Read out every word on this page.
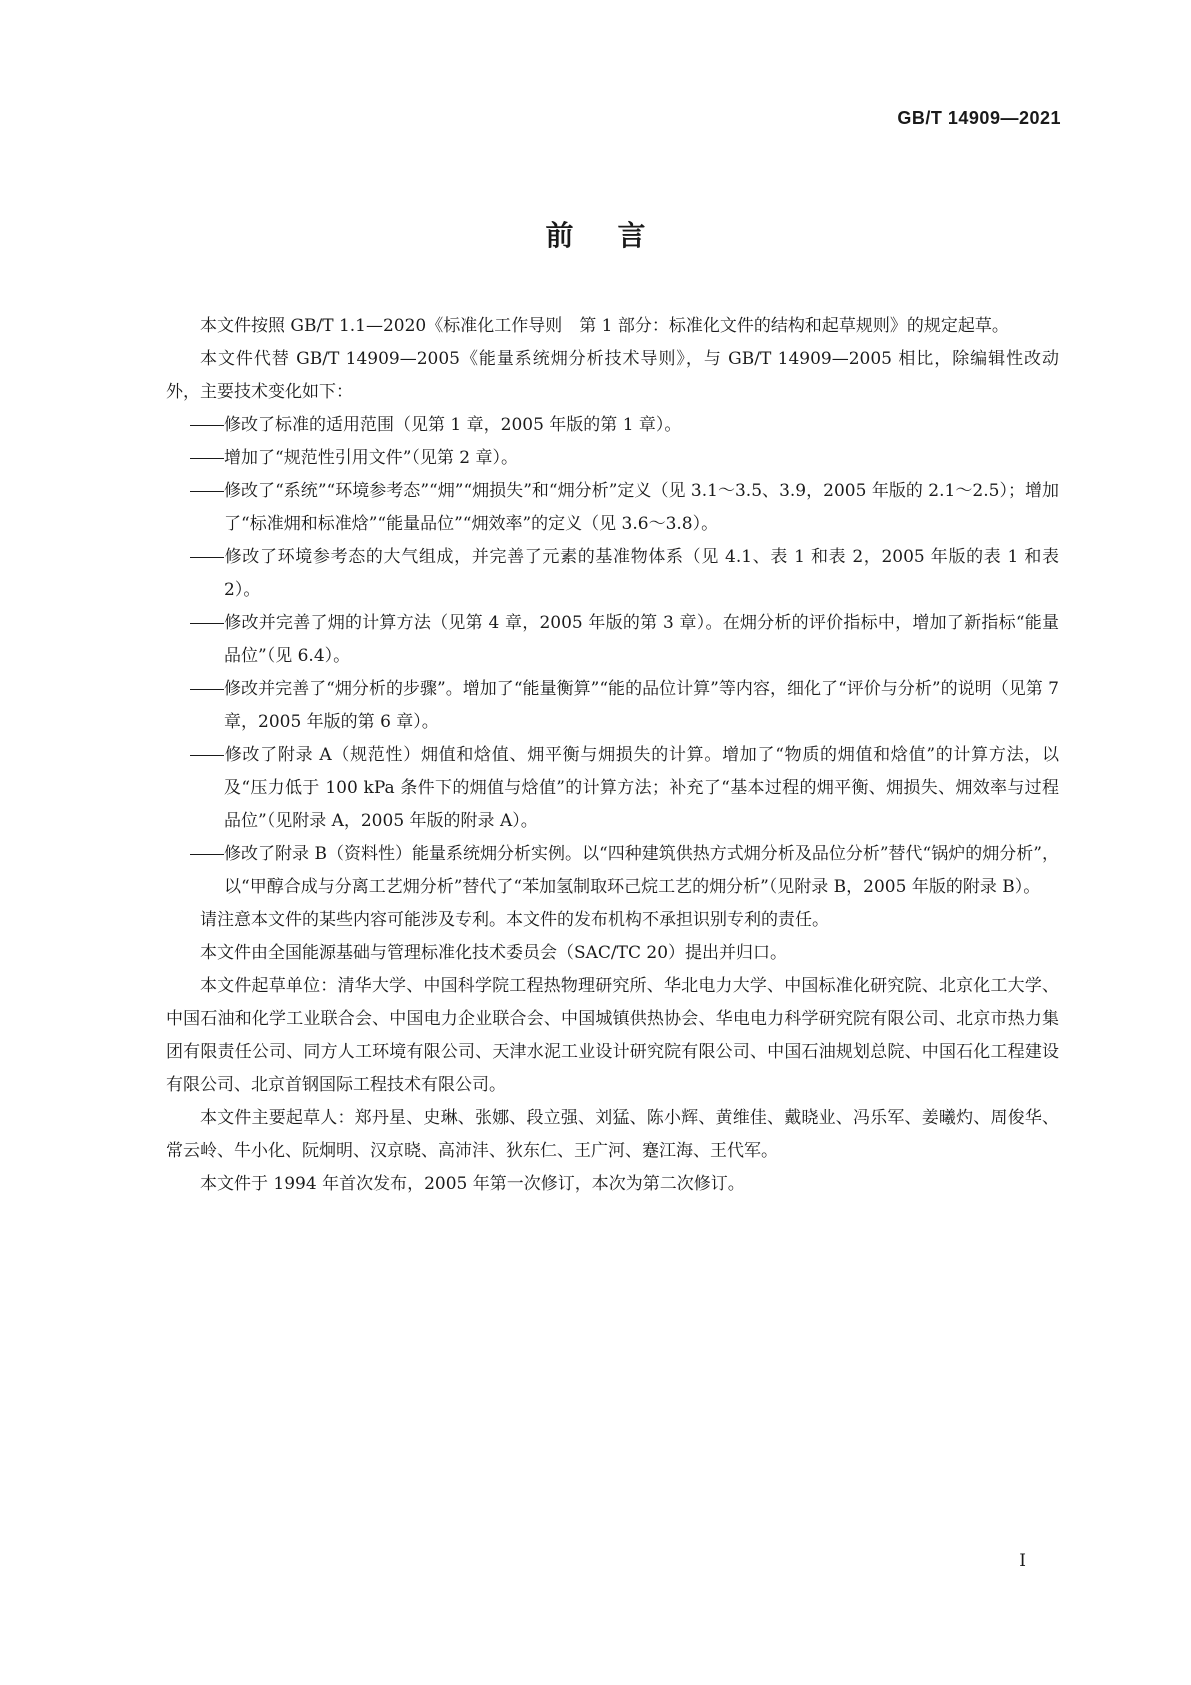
GB/T 14909—2021
前言

本文件按照 GB/T 1.1—2020《标准化工作导则　第 1 部分：标准化文件的结构和起草规则》的规定起草。

本文件代替 GB/T 14909—2005《能量系统㶲分析技术导则》，与 GB/T 14909—2005 相比，除编辑性改动外，主要技术变化如下：

修改了标准的适用范围（见第 1 章，2005 年版的第 1 章）。

增加了“规范性引用文件”（见第 2 章）。

修改了“系统”“环境参考态”“㶲”“㶲损失”和“㶲分析”定义（见 3.1～3.5、3.9，2005 年版的 2.1～2.5）；增加了“标准㶲和标准焓”“能量品位”“㶲效率”的定义（见 3.6～3.8）。

修改了环境参考态的大气组成，并完善了元素的基准物体系（见 4.1、表 1 和表 2，2005 年版的表 1 和表 2）。

修改并完善了㶲的计算方法（见第 4 章，2005 年版的第 3 章）。在㶲分析的评价指标中，增加了新指标“能量品位”（见 6.4）。

修改并完善了“㶲分析的步骤”。增加了“能量衡算”“能的品位计算”等内容，细化了“评价与分析”的说明（见第 7 章，2005 年版的第 6 章）。

修改了附录 A（规范性）㶲值和焓值、㶲平衡与㶲损失的计算。增加了“物质的㶲值和焓值”的计算方法，以及“压力低于 100 kPa 条件下的㶲值与焓值”的计算方法；补充了“基本过程的㶲平衡、㶲损失、㶲效率与过程品位”（见附录 A，2005 年版的附录 A）。

修改了附录 B（资料性）能量系统㶲分析实例。以“四种建筑供热方式㶲分析及品位分析”替代“锅炉的㶲分析”，以“甲醇合成与分离工艺㶲分析”替代了“苯加氢制取环己烷工艺的㶲分析”（见附录 B，2005 年版的附录 B）。

请注意本文件的某些内容可能涉及专利。本文件的发布机构不承担识别专利的责任。

本文件由全国能源基础与管理标准化技术委员会（SAC/TC 20）提出并归口。

本文件起草单位：清华大学、中国科学院工程热物理研究所、华北电力大学、中国标准化研究院、北京化工大学、中国石油和化学工业联合会、中国电力企业联合会、中国城镇供热协会、华电电力科学研究院有限公司、北京市热力集团有限责任公司、同方人工环境有限公司、天津水泥工业设计研究院有限公司、中国石油规划总院、中国石化工程建设有限公司、北京首钢国际工程技术有限公司。

本文件主要起草人：郑丹星、史琳、张娜、段立强、刘猛、陈小辉、黄维佳、戴晓业、冯乐军、姜曦灼、周俊华、常云岭、牛小化、阮炯明、汉京晓、高沛沣、狄东仁、王广河、蹇江海、王代军。

本文件于 1994 年首次发布，2005 年第一次修订，本次为第二次修订。

I
